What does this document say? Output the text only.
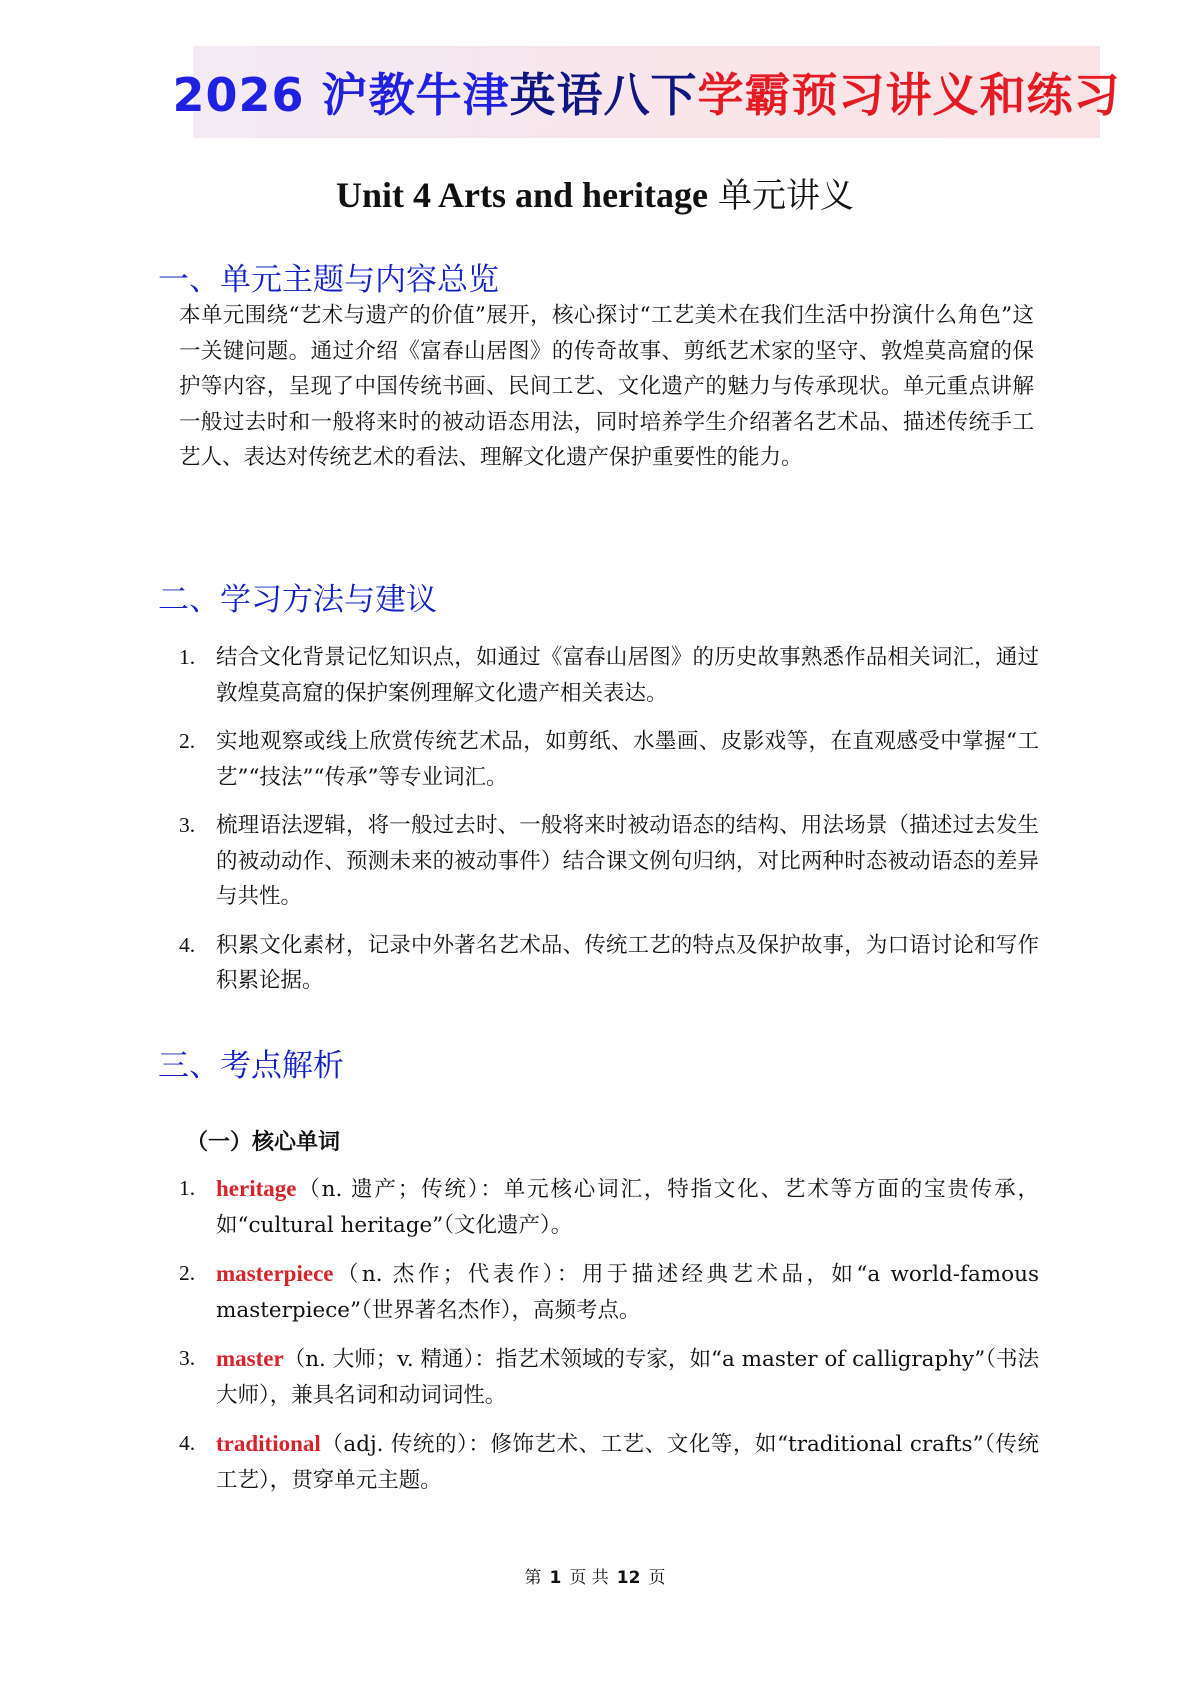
2026 沪教牛津 英语八下 学霸预习讲义和练习
Unit 4 Arts and heritage 单元讲义
一、单元主题与内容总览

本单元围绕“艺术与遗产的价值”展开，核心探讨“工艺美术在我们生活中扮演什么角色”这一关键问题。通过介绍《富春山居图》的传奇故事、剪纸艺术家的坚守、敦煌莫高窟的保护等内容，呈现了中国传统书画、民间工艺、文化遗产的魅力与传承现状。单元重点讲解一般过去时和一般将来时的被动语态用法，同时培养学生介绍著名艺术品、描述传统手工艺人、表达对传统艺术的看法、理解文化遗产保护重要性的能力。

二、学习方法与建议
1. 结合文化背景记忆知识点，如通过《富春山居图》的历史故事熟悉作品相关词汇，通过敦煌莫高窟的保护案例理解文化遗产相关表达。
2. 实地观察或线上欣赏传统艺术品，如剪纸、水墨画、皮影戏等，在直观感受中掌握“工艺”“技法”“传承”等专业词汇。
3. 梳理语法逻辑，将一般过去时、一般将来时被动语态的结构、用法场景（描述过去发生的被动动作、预测未来的被动事件）结合课文例句归纳，对比两种时态被动语态的差异与共性。
4. 积累文化素材，记录中外著名艺术品、传统工艺的特点及保护故事，为口语讨论和写作积累论据。
三、考点解析
（一）核心单词
1. heritage（n. 遗产；传统）：单元核心词汇，特指文化、艺术等方面的宝贵传承，如“cultural heritage”（文化遗产）。
2. masterpiece（n. 杰作；代表作）：用于描述经典艺术品，如“a world-famous masterpiece”（世界著名杰作），高频考点。
3. master（n. 大师；v. 精通）：指艺术领域的专家，如“a master of calligraphy”（书法大师），兼具名词和动词词性。
4. traditional（adj. 传统的）：修饰艺术、工艺、文化等，如“traditional crafts”（传统工艺），贯穿单元主题。
第 1 页 共 12 页
